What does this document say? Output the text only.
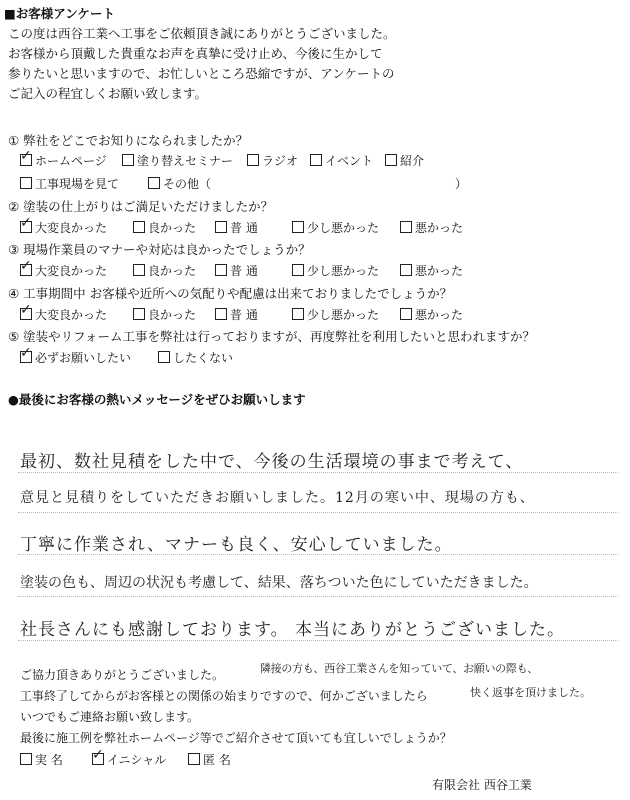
■お客様アンケート
この度は西谷工業へ工事をご依頼頂き誠にありがとうございました。
お客様から頂戴した貴重なお声を真摯に受け止め、今後に生かして
参りたいと思いますので、お忙しいところ恐縮ですが、アンケートの
ご記入の程宜しくお願い致します。
① 弊社をどこでお知りになられましたか？
✓ホームページ	塗り替えセミナー	ラジオ	イベント	紹介
工事現場を見て	その他（	）
② 塗装の仕上がりはご満足いただけましたか？
✓大変良かった	良かった	普 通	少し悪かった	悪かった
③ 現場作業員のマナーや対応は良かったでしょうか？
✓大変良かった	良かった	普 通	少し悪かった	悪かった
④ 工事期間中 お客様や近所への気配りや配慮は出来ておりましたでしょうか？
✓大変良かった	良かった	普 通	少し悪かった	悪かった
⑤ 塗装やリフォーム工事を弊社は行っておりますが、再度弊社を利用したいと思われますか？
✓必ずお願いしたい	したくない
●最後にお客様の熱いメッセージをぜひお願いします
最初、数社見積をした中で、今後の生活環境の事まで考えて、
意見と見積りをしていただきお願いしました。12月の寒い中、現場の方も、
丁寧に作業され、マナーも良く、安心していました。
塗装の色も、周辺の状況も考慮して、結果、落ちついた色にしていただきました。
社長さんにも感謝しております。 本当にありがとうございました。
ご協力頂きありがとうございました。
工事終了してからがお客様との関係の始まりですので、何かございましたら
いつでもご連絡お願い致します。
最後に施工例を弊社ホームページ等でご紹介させて頂いても宜しいでしょうか？
隣接の方も、西谷工業さんを知っていて、お願いの際も、
快く返事を頂けました。
実 名
✓	イニシャル	匿 名
有限会社 西谷工業
